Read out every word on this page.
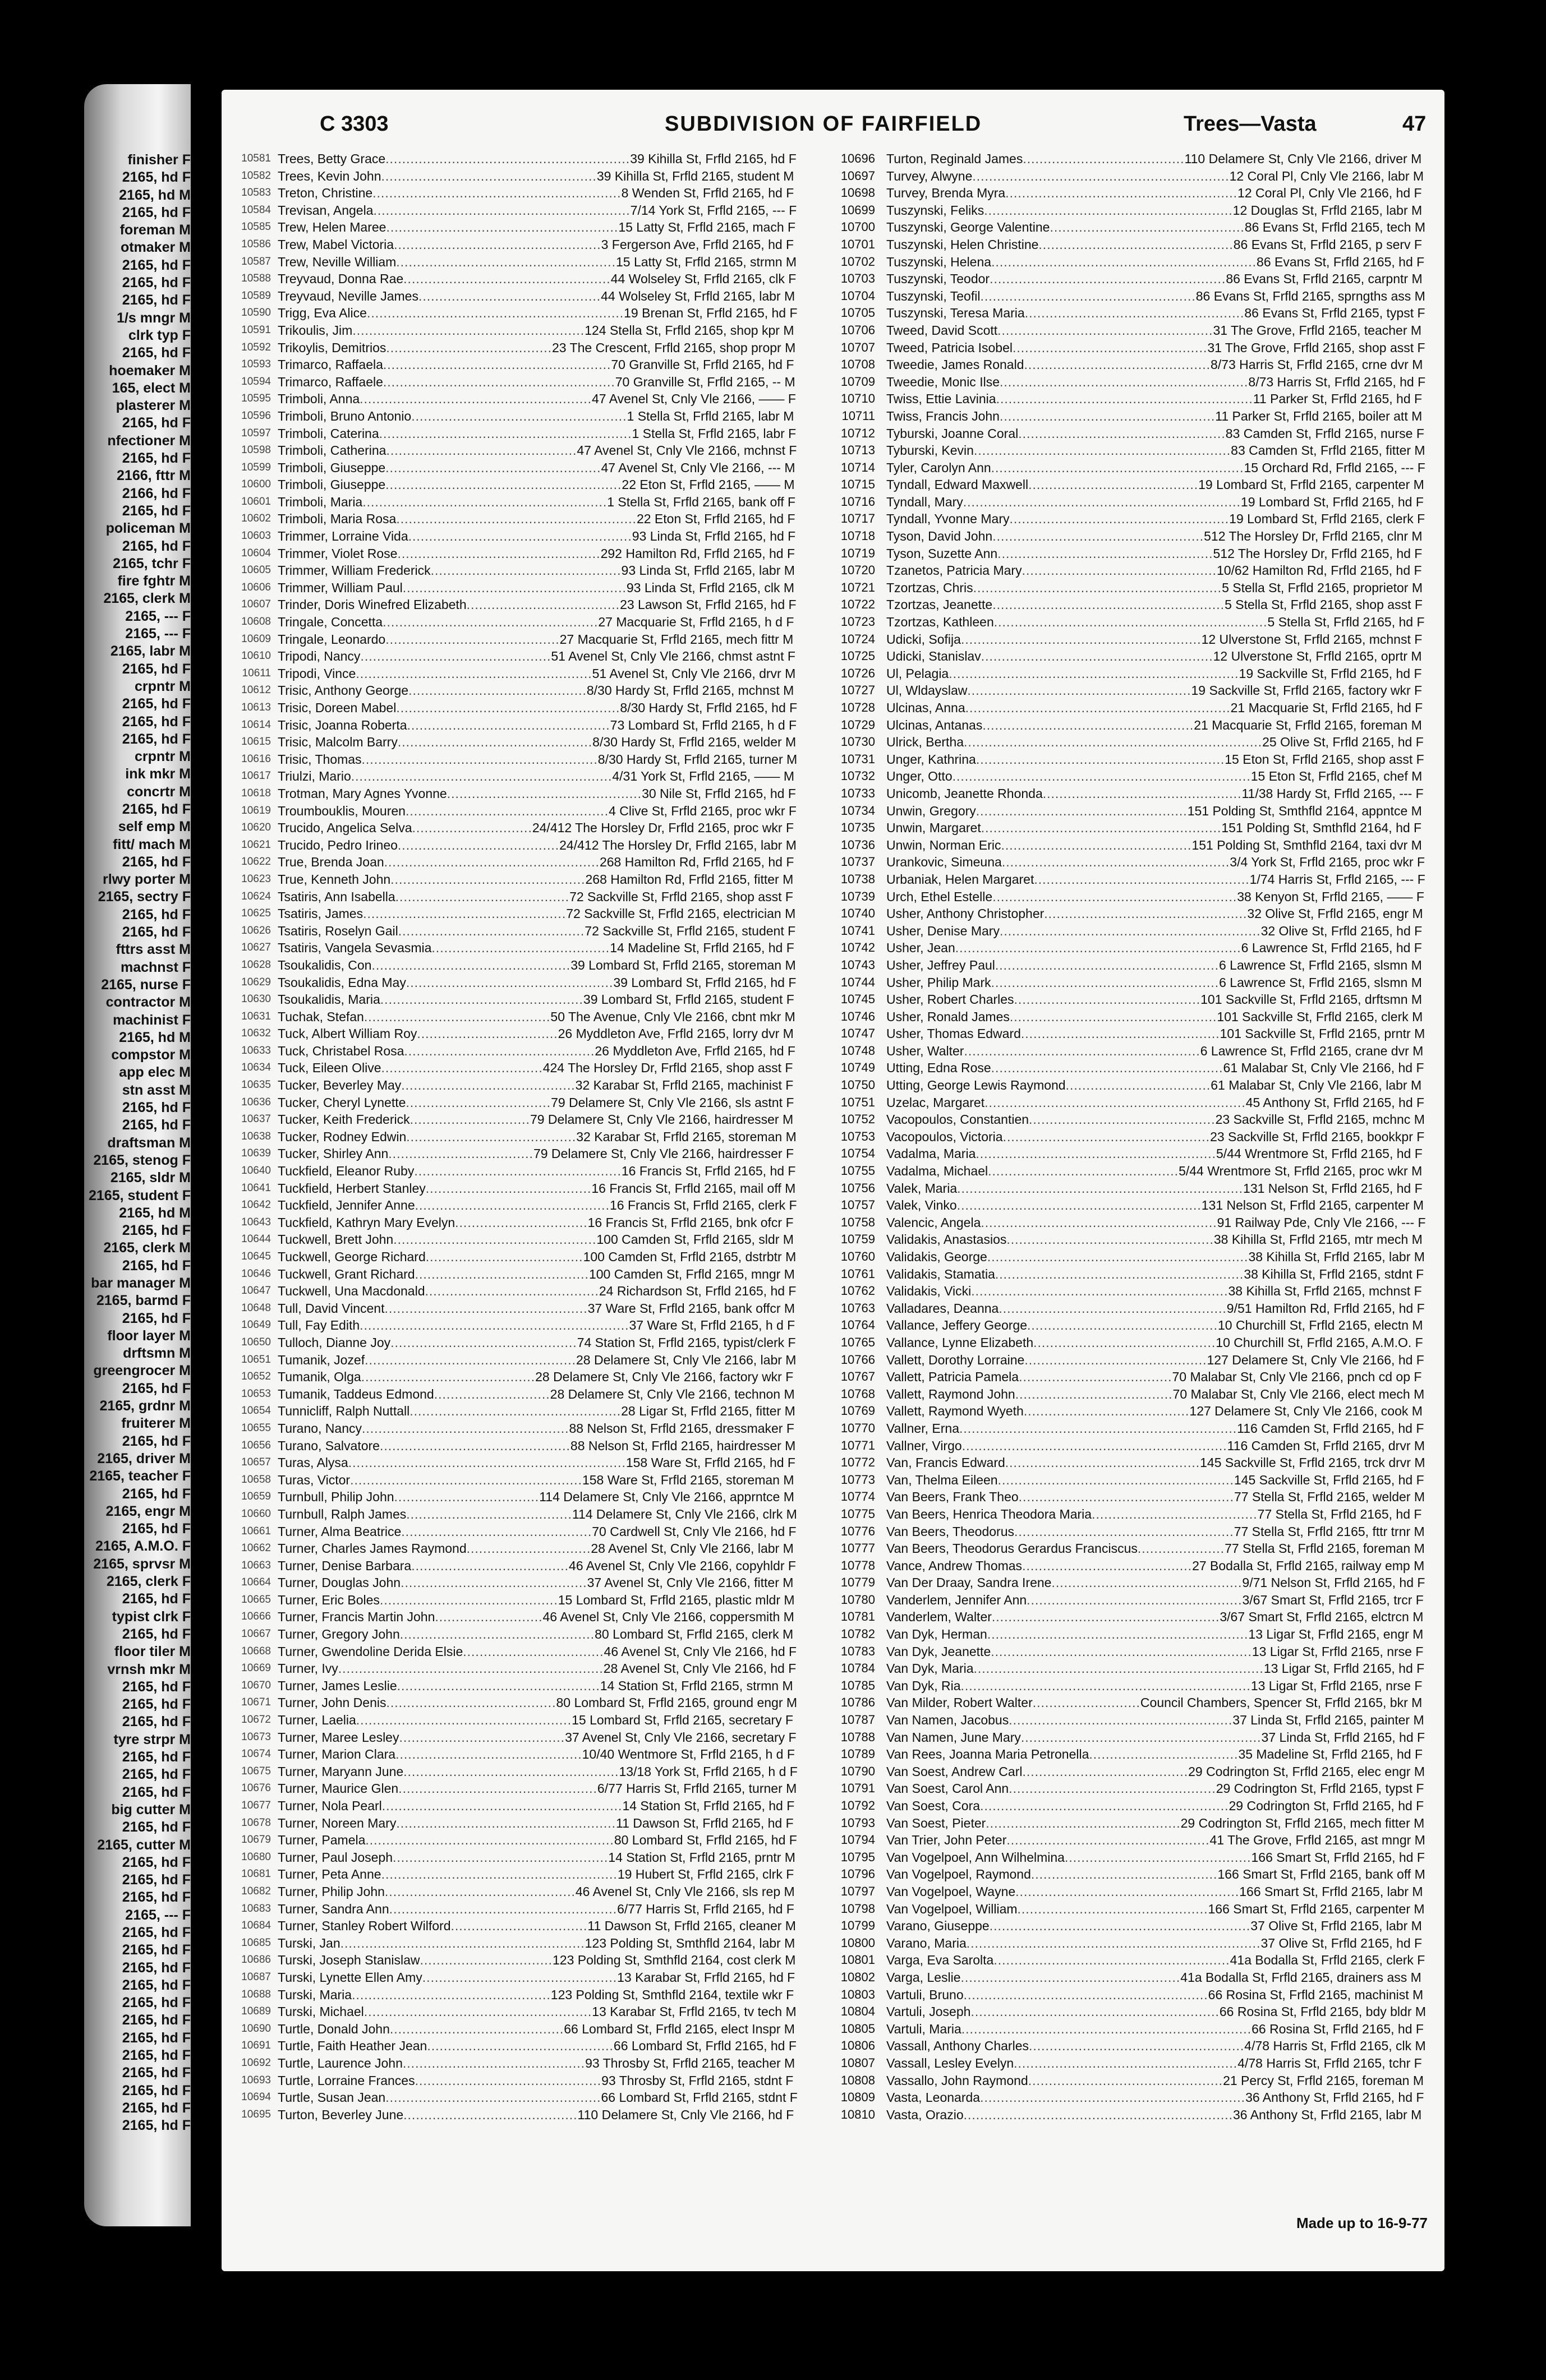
finisher F
2165, hd F
2165, hd M
2165, hd F
foreman M
otmaker M
2165, hd F
2165, hd F
2165, hd F
1/s mngr M
clrk typ F
2165, hd F
hoemaker M
165, elect M
plasterer M
2165, hd F
nfectioner M
2165, hd F
2166, fttr M
2166, hd F
2165, hd F
policeman M
2165, hd F
2165, tchr F
fire fghtr M
2165, clerk M
2165, --- F
2165, --- F
2165, labr M
2165, hd F
crpntr M
2165, hd F
2165, hd F
2165, hd F
crpntr M
ink mkr M
concrtr M
2165, hd F
self emp M
fitt/ mach M
2165, hd F
rlwy porter M
2165, sectry F
2165, hd F
2165, hd F
fttrs asst M
machnst F
2165, nurse F
contractor M
machinist F
2165, hd M
compstor M
app elec M
stn asst M
2165, hd F
2165, hd F
draftsman M
2165, stenog F
2165, sldr M
2165, student F
2165, hd M
2165, hd F
2165, clerk M
2165, hd F
bar manager M
2165, barmd F
2165, hd F
floor layer M
drftsmn M
greengrocer M
2165, hd F
2165, grdnr M
fruiterer M
2165, hd F
2165, driver M
2165, teacher F
2165, hd F
2165, engr M
2165, hd F
2165, A.M.O. F
2165, sprvsr M
2165, clerk F
2165, hd F
typist clrk F
2165, hd F
floor tiler M
vrnsh mkr M
2165, hd F
2165, hd F
2165, hd F
tyre strpr M
2165, hd F
2165, hd F
2165, hd F
big cutter M
2165, hd F
2165, cutter M
2165, hd F
2165, hd F
2165, hd F
2165, --- F
2165, hd F
2165, hd F
2165, hd F
2165, hd F
2165, hd F
2165, hd F
2165, hd F
2165, hd F
2165, hd F
2165, hd F
2165, hd F
2165, hd F
C 3303	SUBDIVISION OF FAIRFIELD	Trees—Vasta	47
10581 Trees, Betty Grace...........................................................39 Kihilla St, Frfld 2165, hd F
10582 Trees, Kevin John....................................................39 Kihilla St, Frfld 2165, student M
10583 Treton, Christine............................................................8 Wenden St, Frfld 2165, hd F
10584 Trevisan, Angela..............................................................7/14 York St, Frfld 2165, --- F
10585 Trew, Helen Maree........................................................15 Latty St, Frfld 2165, mach F
10586 Trew, Mabel Victoria..................................................3 Fergerson Ave, Frfld 2165, hd F
10587 Trew, Neville William.....................................................15 Latty St, Frfld 2165, strmn M
10588 Treyvaud, Donna Rae..................................................44 Wolseley St, Frfld 2165, clk F
10589 Treyvaud, Neville James............................................44 Wolseley St, Frfld 2165, labr M
10590 Trigg, Eva Alice..............................................................19 Brenan St, Frfld 2165, hd F
10591 Trikoulis, Jim........................................................124 Stella St, Frfld 2165, shop kpr M
10592 Trikoylis, Demitrios........................................23 The Crescent, Frfld 2165, shop propr M
10593 Trimarco, Raffaela.......................................................70 Granville St, Frfld 2165, hd F
10594 Trimarco, Raffaele........................................................70 Granville St, Frfld 2165, -- M
10595 Trimboli, Anna........................................................47 Avenel St, Cnly Vle 2166, —— F
10596 Trimboli, Bruno Antonio....................................................1 Stella St, Frfld 2165, labr M
10597 Trimboli, Caterina.............................................................1 Stella St, Frfld 2165, labr F
10598 Trimboli, Catherina..............................................47 Avenel St, Cnly Vle 2166, mchnst F
10599 Trimboli, Giuseppe....................................................47 Avenel St, Cnly Vle 2166, --- M
10600 Trimboli, Giuseppe.........................................................22 Eton St, Frfld 2165, —— M
10601 Trimboli, Maria...........................................................1 Stella St, Frfld 2165, bank off F
10602 Trimboli, Maria Rosa..........................................................22 Eton St, Frfld 2165, hd F
10603 Trimmer, Lorraine Vida......................................................93 Linda St, Frfld 2165, hd F
10604 Trimmer, Violet Rose.................................................292 Hamilton Rd, Frfld 2165, hd F
10605 Trimmer, William Frederick..............................................93 Linda St, Frfld 2165, labr M
10606 Trimmer, William Paul......................................................93 Linda St, Frfld 2165, clk M
10607 Trinder, Doris Winefred Elizabeth.....................................23 Lawson St, Frfld 2165, hd F
10608 Tringale, Concetta....................................................27 Macquarie St, Frfld 2165, h d F
10609 Tringale, Leonardo..........................................27 Macquarie St, Frfld 2165, mech fittr M
10610 Tripodi, Nancy..............................................51 Avenel St, Cnly Vle 2166, chmst astnt F
10611 Tripodi, Vince.........................................................51 Avenel St, Cnly Vle 2166, drvr M
10612 Trisic, Anthony George...........................................8/30 Hardy St, Frfld 2165, mchnst M
10613 Trisic, Doreen Mabel......................................................8/30 Hardy St, Frfld 2165, hd F
10614 Trisic, Joanna Roberta.................................................73 Lombard St, Frfld 2165, h d F
10615 Trisic, Malcolm Barry...............................................8/30 Hardy St, Frfld 2165, welder M
10616 Trisic, Thomas.........................................................8/30 Hardy St, Frfld 2165, turner M
10617 Triulzi, Mario...............................................................4/31 York St, Frfld 2165, —— M
10618 Trotman, Mary Agnes Yvonne...............................................30 Nile St, Frfld 2165, hd F
10619 Troumbouklis, Mouren.................................................4 Clive St, Frfld 2165, proc wkr F
10620 Trucido, Angelica Selva.............................24/412 The Horsley Dr, Frfld 2165, proc wkr F
10621 Trucido, Pedro Irineo.......................................24/412 The Horsley Dr, Frfld 2165, labr M
10622 True, Brenda Joan....................................................268 Hamilton Rd, Frfld 2165, hd F
10623 True, Kenneth John...............................................268 Hamilton Rd, Frfld 2165, fitter M
10624 Tsatiris, Ann Isabella..........................................72 Sackville St, Frfld 2165, shop asst F
10625 Tsatiris, James.................................................72 Sackville St, Frfld 2165, electrician M
10626 Tsatiris, Roselyn Gail.............................................72 Sackville St, Frfld 2165, student F
10627 Tsatiris, Vangela Sevasmia...........................................14 Madeline St, Frfld 2165, hd F
10628 Tsoukalidis, Con................................................39 Lombard St, Frfld 2165, storeman M
10629 Tsoukalidis, Edna May..................................................39 Lombard St, Frfld 2165, hd F
10630 Tsoukalidis, Maria.................................................39 Lombard St, Frfld 2165, student F
10631 Tuchak, Stefan.............................................50 The Avenue, Cnly Vle 2166, cbnt mkr M
10632 Tuck, Albert William Roy..................................26 Myddleton Ave, Frfld 2165, lorry dvr M
10633 Tuck, Christabel Rosa..............................................26 Myddleton Ave, Frfld 2165, hd F
10634 Tuck, Eileen Olive.......................................424 The Horsley Dr, Frfld 2165, shop asst F
10635 Tucker, Beverley May..........................................32 Karabar St, Frfld 2165, machinist F
10636 Tucker, Cheryl Lynette...................................79 Delamere St, Cnly Vle 2166, sls astnt F
10637 Tucker, Keith Frederick.............................79 Delamere St, Cnly Vle 2166, hairdresser M
10638 Tucker, Rodney Edwin.........................................32 Karabar St, Frfld 2165, storeman M
10639 Tucker, Shirley Ann...................................79 Delamere St, Cnly Vle 2166, hairdresser F
10640 Tuckfield, Eleanor Ruby..................................................16 Francis St, Frfld 2165, hd F
10641 Tuckfield, Herbert Stanley........................................16 Francis St, Frfld 2165, mail off M
10642 Tuckfield, Jennifer Anne...............................................16 Francis St, Frfld 2165, clerk F
10643 Tuckfield, Kathryn Mary Evelyn................................16 Francis St, Frfld 2165, bnk ofcr F
10644 Tuckwell, Brett John.................................................100 Camden St, Frfld 2165, sldr M
10645 Tuckwell, George Richard......................................100 Camden St, Frfld 2165, dstrbtr M
10646 Tuckwell, Grant Richard..........................................100 Camden St, Frfld 2165, mngr M
10647 Tuckwell, Una Macdonald..........................................24 Richardson St, Frfld 2165, hd F
10648 Tull, David Vincent.................................................37 Ware St, Frfld 2165, bank offcr M
10649 Tull, Fay Edith.................................................................37 Ware St, Frfld 2165, h d F
10650 Tulloch, Dianne Joy.............................................74 Station St, Frfld 2165, typist/clerk F
10651 Tumanik, Jozef...................................................28 Delamere St, Cnly Vle 2166, labr M
10652 Tumanik, Olga..........................................28 Delamere St, Cnly Vle 2166, factory wkr F
10653 Tumanik, Taddeus Edmond............................28 Delamere St, Cnly Vle 2166, technon M
10654 Tunnicliff, Ralph Nuttall...................................................28 Ligar St, Frfld 2165, fitter M
10655 Turano, Nancy..................................................88 Nelson St, Frfld 2165, dressmaker F
10656 Turano, Salvatore..............................................88 Nelson St, Frfld 2165, hairdresser M
10657 Turas, Alysa...................................................................158 Ware St, Frfld 2165, hd F
10658 Turas, Victor........................................................158 Ware St, Frfld 2165, storeman M
10659 Turnbull, Philip John...................................114 Delamere St, Cnly Vle 2166, apprntce M
10660 Turnbull, Ralph James........................................114 Delamere St, Cnly Vle 2166, clrk M
10661 Turner, Alma Beatrice..............................................70 Cardwell St, Cnly Vle 2166, hd F
10662 Turner, Charles James Raymond..............................28 Avenel St, Cnly Vle 2166, labr M
10663 Turner, Denise Barbara......................................46 Avenel St, Cnly Vle 2166, copyhldr F
10664 Turner, Douglas John.............................................37 Avenel St, Cnly Vle 2166, fitter M
10665 Turner, Eric Boles...........................................15 Lombard St, Frfld 2165, plastic mldr M
10666 Turner, Francis Martin John..........................46 Avenel St, Cnly Vle 2166, coppersmith M
10667 Turner, Gregory John...............................................80 Lombard St, Frfld 2165, clerk M
10668 Turner, Gwendoline Derida Elsie..................................46 Avenel St, Cnly Vle 2166, hd F
10669 Turner, Ivy................................................................28 Avenel St, Cnly Vle 2166, hd F
10670 Turner, James Leslie.................................................14 Station St, Frfld 2165, strmn M
10671 Turner, John Denis.........................................80 Lombard St, Frfld 2165, ground engr M
10672 Turner, Laelia....................................................15 Lombard St, Frfld 2165, secretary F
10673 Turner, Maree Lesley........................................37 Avenel St, Cnly Vle 2166, secretary F
10674 Turner, Marion Clara.............................................10/40 Wentmore St, Frfld 2165, h d F
10675 Turner, Maryann June....................................................13/18 York St, Frfld 2165, h d F
10676 Turner, Maurice Glen................................................6/77 Harris St, Frfld 2165, turner M
10677 Turner, Nola Pearl..........................................................14 Station St, Frfld 2165, hd F
10678 Turner, Noreen Mary.....................................................11 Dawson St, Frfld 2165, hd F
10679 Turner, Pamela............................................................80 Lombard St, Frfld 2165, hd F
10680 Turner, Paul Joseph....................................................14 Station St, Frfld 2165, prntr M
10681 Turner, Peta Anne.........................................................19 Hubert St, Frfld 2165, clrk F
10682 Turner, Philip John..............................................46 Avenel St, Cnly Vle 2166, sls rep M
10683 Turner, Sandra Ann.......................................................6/77 Harris St, Frfld 2165, hd F
10684 Turner, Stanley Robert Wilford.................................11 Dawson St, Frfld 2165, cleaner M
10685 Turski, Jan...........................................................123 Polding St, Smthfld 2164, labr M
10686 Turski, Joseph Stanislaw................................123 Polding St, Smthfld 2164, cost clerk M
10687 Turski, Lynette Ellen Amy...............................................13 Karabar St, Frfld 2165, hd F
10688 Turski, Maria................................................123 Polding St, Smthfld 2164, textile wkr F
10689 Turski, Michael.......................................................13 Karabar St, Frfld 2165, tv tech M
10690 Turtle, Donald John..........................................66 Lombard St, Frfld 2165, elect Inspr M
10691 Turtle, Faith Heather Jean.............................................66 Lombard St, Frfld 2165, hd F
10692 Turtle, Laurence John............................................93 Throsby St, Frfld 2165, teacher M
10693 Turtle, Lorraine Frances.............................................93 Throsby St, Frfld 2165, stdnt F
10694 Turtle, Susan Jean....................................................66 Lombard St, Frfld 2165, stdnt F
10695 Turton, Beverley June..........................................110 Delamere St, Cnly Vle 2166, hd F
10696 Turton, Reginald James.......................................110 Delamere St, Cnly Vle 2166, driver M
10697 Turvey, Alwyne..............................................................12 Coral Pl, Cnly Vle 2166, labr M
10698 Turvey, Brenda Myra........................................................12 Coral Pl, Cnly Vle 2166, hd F
10699 Tuszynski, Feliks............................................................12 Douglas St, Frfld 2165, labr M
10700 Tuszynski, George Valentine...............................................86 Evans St, Frfld 2165, tech M
10701 Tuszynski, Helen Christine...............................................86 Evans St, Frfld 2165, p serv F
10702 Tuszynski, Helena................................................................86 Evans St, Frfld 2165, hd F
10703 Tuszynski, Teodor.........................................................86 Evans St, Frfld 2165, carpntr M
10704 Tuszynski, Teofil....................................................86 Evans St, Frfld 2165, sprngths ass M
10705 Tuszynski, Teresa Maria.....................................................86 Evans St, Frfld 2165, typst F
10706 Tweed, David Scott....................................................31 The Grove, Frfld 2165, teacher M
10707 Tweed, Patricia Isobel...............................................31 The Grove, Frfld 2165, shop asst F
10708 Tweedie, James Ronald.............................................8/73 Harris St, Frfld 2165, crne dvr M
10709 Tweedie, Monic Ilse............................................................8/73 Harris St, Frfld 2165, hd F
10710 Twiss, Ettie Lavinia..............................................................11 Parker St, Frfld 2165, hd F
10711 Twiss, Francis John....................................................11 Parker St, Frfld 2165, boiler att M
10712 Tyburski, Joanne Coral..................................................83 Camden St, Frfld 2165, nurse F
10713 Tyburski, Kevin..............................................................83 Camden St, Frfld 2165, fitter M
10714 Tyler, Carolyn Ann.............................................................15 Orchard Rd, Frfld 2165, --- F
10715 Tyndall, Edward Maxwell.........................................19 Lombard St, Frfld 2165, carpenter M
10716 Tyndall, Mary...................................................................19 Lombard St, Frfld 2165, hd F
10717 Tyndall, Yvonne Mary.....................................................19 Lombard St, Frfld 2165, clerk F
10718 Tyson, David John...................................................512 The Horsley Dr, Frfld 2165, clnr M
10719 Tyson, Suzette Ann....................................................512 The Horsley Dr, Frfld 2165, hd F
10720 Tzanetos, Patricia Mary...............................................10/62 Hamilton Rd, Frfld 2165, hd F
10721 Tzortzas, Chris............................................................5 Stella St, Frfld 2165, proprietor M
10722 Tzortzas, Jeanette........................................................5 Stella St, Frfld 2165, shop asst F
10723 Tzortzas, Kathleen..................................................................5 Stella St, Frfld 2165, hd F
10724 Udicki, Sofija..........................................................12 Ulverstone St, Frfld 2165, mchnst F
10725 Udicki, Stanislav........................................................12 Ulverstone St, Frfld 2165, oprtr M
10726 Ul, Pelagia......................................................................19 Sackville St, Frfld 2165, hd F
10727 Ul, Wldayslaw......................................................19 Sackville St, Frfld 2165, factory wkr F
10728 Ulcinas, Anna................................................................21 Macquarie St, Frfld 2165, hd F
10729 Ulcinas, Antanas...................................................21 Macquarie St, Frfld 2165, foreman M
10730 Ulrick, Bertha........................................................................25 Olive St, Frfld 2165, hd F
10731 Unger, Kathrina............................................................15 Eton St, Frfld 2165, shop asst F
10732 Unger, Otto........................................................................15 Eton St, Frfld 2165, chef M
10733 Unicomb, Jeanette Rhonda................................................11/38 Hardy St, Frfld 2165, --- F
10734 Unwin, Gregory...................................................151 Polding St, Smthfld 2164, appntce M
10735 Unwin, Margaret..........................................................151 Polding St, Smthfld 2164, hd F
10736 Unwin, Norman Eric..............................................151 Polding St, Smthfld 2164, taxi dvr M
10737 Urankovic, Simeuna.......................................................3/4 York St, Frfld 2165, proc wkr F
10738 Urbaniak, Helen Margaret....................................................1/74 Harris St, Frfld 2165, --- F
10739 Urch, Ethel Estelle...........................................................38 Kenyon St, Frfld 2165, —— F
10740 Usher, Anthony Christopher.................................................32 Olive St, Frfld 2165, engr M
10741 Usher, Denise Mary...............................................................32 Olive St, Frfld 2165, hd F
10742 Usher, Jean.....................................................................6 Lawrence St, Frfld 2165, hd F
10743 Usher, Jeffrey Paul......................................................6 Lawrence St, Frfld 2165, slsmn M
10744 Usher, Philip Mark.......................................................6 Lawrence St, Frfld 2165, slsmn M
10745 Usher, Robert Charles.............................................101 Sackville St, Frfld 2165, drftsmn M
10746 Usher, Ronald James..................................................101 Sackville St, Frfld 2165, clerk M
10747 Usher, Thomas Edward................................................101 Sackville St, Frfld 2165, prntr M
10748 Usher, Walter.........................................................6 Lawrence St, Frfld 2165, crane dvr M
10749 Utting, Edna Rose........................................................61 Malabar St, Cnly Vle 2166, hd F
10750 Utting, George Lewis Raymond...................................61 Malabar St, Cnly Vle 2166, labr M
10751 Uzelac, Margaret...............................................................45 Anthony St, Frfld 2165, hd F
10752 Vacopoulos, Constantien.............................................23 Sackville St, Frfld 2165, mchnc M
10753 Vacopoulos, Victoria..................................................23 Sackville St, Frfld 2165, bookkpr F
10754 Vadalma, Maria..........................................................5/44 Wrentmore St, Frfld 2165, hd F
10755 Vadalma, Michael..............................................5/44 Wrentmore St, Frfld 2165, proc wkr M
10756 Valek, Maria.....................................................................131 Nelson St, Frfld 2165, hd F
10757 Valek, Vinko...........................................................131 Nelson St, Frfld 2165, carpenter M
10758 Valencic, Angela.........................................................91 Railway Pde, Cnly Vle 2166, --- F
10759 Validakis, Anastasios..................................................38 Kihilla St, Frfld 2165, mtr mech M
10760 Validakis, George...............................................................38 Kihilla St, Frfld 2165, labr M
10761 Validakis, Stamatia............................................................38 Kihilla St, Frfld 2165, stdnt F
10762 Validakis, Vicki..............................................................38 Kihilla St, Frfld 2165, mchnst F
10763 Valladares, Deanna.......................................................9/51 Hamilton Rd, Frfld 2165, hd F
10764 Vallance, Jeffery George..............................................10 Churchill St, Frfld 2165, electn M
10765 Vallance, Lynne Elizabeth............................................10 Churchill St, Frfld 2165, A.M.O. F
10766 Vallett, Dorothy Lorraine............................................127 Delamere St, Cnly Vle 2166, hd F
10767 Vallett, Patricia Pamela.....................................70 Malabar St, Cnly Vle 2166, pnch cd op F
10768 Vallett, Raymond John......................................70 Malabar St, Cnly Vle 2166, elect mech M
10769 Vallett, Raymond Wyeth........................................127 Delamere St, Cnly Vle 2166, cook M
10770 Vallner, Erna...................................................................116 Camden St, Frfld 2165, hd F
10771 Vallner, Virgo................................................................116 Camden St, Frfld 2165, drvr M
10772 Van, Francis Edward...............................................145 Sackville St, Frfld 2165, trck drvr M
10773 Van, Thelma Eileen.........................................................145 Sackville St, Frfld 2165, hd F
10774 Van Beers, Frank Theo....................................................77 Stella St, Frfld 2165, welder M
10775 Van Beers, Henrica Theodora Maria........................................77 Stella St, Frfld 2165, hd F
10776 Van Beers, Theodorus.....................................................77 Stella St, Frfld 2165, fttr trnr M
10777 Van Beers, Theodorus Gerardus Franciscus.....................77 Stella St, Frfld 2165, foreman M
10778 Vance, Andrew Thomas.........................................27 Bodalla St, Frfld 2165, railway emp M
10779 Van Der Draay, Sandra Irene..............................................9/71 Nelson St, Frfld 2165, hd F
10780 Vanderlem, Jennifer Ann....................................................3/67 Smart St, Frfld 2165, trcr F
10781 Vanderlem, Walter.......................................................3/67 Smart St, Frfld 2165, elctrcn M
10782 Van Dyk, Herman...............................................................13 Ligar St, Frfld 2165, engr M
10783 Van Dyk, Jeanette...............................................................13 Ligar St, Frfld 2165, nrse F
10784 Van Dyk, Maria......................................................................13 Ligar St, Frfld 2165, hd F
10785 Van Dyk, Ria......................................................................13 Ligar St, Frfld 2165, nrse F
10786 Van Milder, Robert Walter..........................Council Chambers, Spencer St, Frfld 2165, bkr M
10787 Van Namen, Jacobus......................................................37 Linda St, Frfld 2165, painter M
10788 Van Namen, June Mary..........................................................37 Linda St, Frfld 2165, hd F
10789 Van Rees, Joanna Maria Petronella....................................35 Madeline St, Frfld 2165, hd F
10790 Van Soest, Andrew Carl........................................29 Codrington St, Frfld 2165, elec engr M
10791 Van Soest, Carol Ann..................................................29 Codrington St, Frfld 2165, typst F
10792 Van Soest, Cora............................................................29 Codrington St, Frfld 2165, hd F
10793 Van Soest, Pieter...............................................29 Codrington St, Frfld 2165, mech fitter M
10794 Van Trier, John Peter.................................................41 The Grove, Frfld 2165, ast mngr M
10795 Van Vogelpoel, Ann Wilhelmina.............................................166 Smart St, Frfld 2165, hd F
10796 Van Vogelpoel, Raymond.............................................166 Smart St, Frfld 2165, bank off M
10797 Van Vogelpoel, Wayne......................................................166 Smart St, Frfld 2165, labr M
10798 Van Vogelpoel, William..............................................166 Smart St, Frfld 2165, carpenter M
10799 Varano, Giuseppe...............................................................37 Olive St, Frfld 2165, labr M
10800 Varano, Maria.......................................................................37 Olive St, Frfld 2165, hd F
10801 Varga, Eva Sarolta.........................................................41a Bodalla St, Frfld 2165, clerk F
10802 Varga, Leslie.....................................................41a Bodalla St, Frfld 2165, drainers ass M
10803 Vartuli, Bruno...........................................................66 Rosina St, Frfld 2165, machinist M
10804 Vartuli, Joseph............................................................66 Rosina St, Frfld 2165, bdy bldr M
10805 Vartuli, Maria......................................................................66 Rosina St, Frfld 2165, hd F
10806 Vassall, Anthony Charles....................................................4/78 Harris St, Frfld 2165, clk M
10807 Vassall, Lesley Evelyn......................................................4/78 Harris St, Frfld 2165, tchr F
10808 Vassallo, John Raymond...............................................21 Percy St, Frfld 2165, foreman M
10809 Vasta, Leonarda................................................................36 Anthony St, Frfld 2165, hd F
10810 Vasta, Orazio.................................................................36 Anthony St, Frfld 2165, labr M
Made up to 16-9-77
